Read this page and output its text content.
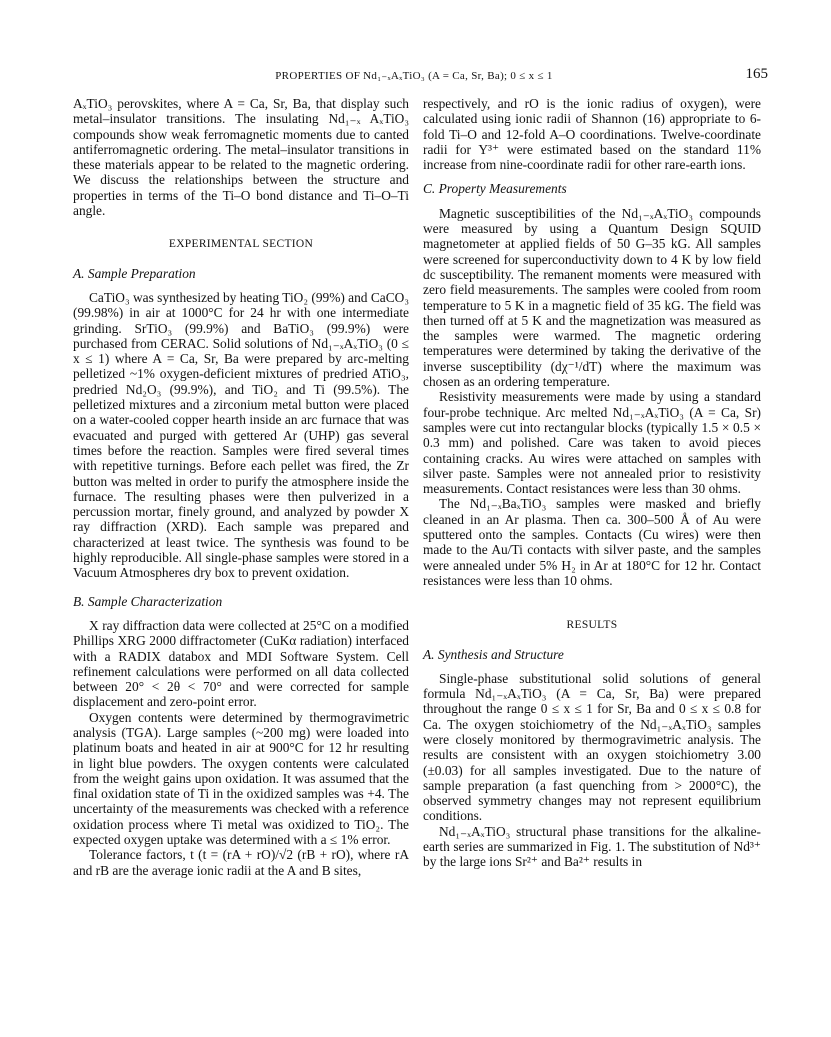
PROPERTIES OF Nd₁₋ₓAₓTiO₃ (A = Ca, Sr, Ba); 0 ≤ x ≤ 1	165

AₓTiO₃ perovskites, where A = Ca, Sr, Ba, that display such metal–insulator transitions. The insulating Nd₁₋ₓ AₓTiO₃ compounds show weak ferromagnetic moments due to canted antiferromagnetic ordering. The metal–insulator transitions in these materials appear to be related to the magnetic ordering. We discuss the relationships between the structure and properties in terms of the Ti–O bond distance and Ti–O–Ti angle.

EXPERIMENTAL SECTION

A. Sample Preparation

CaTiO₃ was synthesized by heating TiO₂ (99%) and CaCO₃ (99.98%) in air at 1000°C for 24 hr with one intermediate grinding. SrTiO₃ (99.9%) and BaTiO₃ (99.9%) were purchased from CERAC. Solid solutions of Nd₁₋ₓAₓTiO₃ (0 ≤ x ≤ 1) where A = Ca, Sr, Ba were prepared by arc-melting pelletized ~1% oxygen-deficient mixtures of predried ATiO₃, predried Nd₂O₃ (99.9%), and TiO₂ and Ti (99.5%). The pelletized mixtures and a zirconium metal button were placed on a water-cooled copper hearth inside an arc furnace that was evacuated and purged with gettered Ar (UHP) gas several times before the reaction. Samples were fired several times with repetitive turnings. Before each pellet was fired, the Zr button was melted in order to purify the atmosphere inside the furnace. The resulting phases were then pulverized in a percussion mortar, finely ground, and analyzed by powder X ray diffraction (XRD). Each sample was prepared and characterized at least twice. The synthesis was found to be highly reproducible. All single-phase samples were stored in a Vacuum Atmospheres dry box to prevent oxidation.

B. Sample Characterization

X ray diffraction data were collected at 25°C on a modified Phillips XRG 2000 diffractometer (CuKα radiation) interfaced with a RADIX databox and MDI Software System. Cell refinement calculations were performed on all data collected between 20° < 2θ < 70° and were corrected for sample displacement and zero-point error.

Oxygen contents were determined by thermogravimetric analysis (TGA). Large samples (~200 mg) were loaded into platinum boats and heated in air at 900°C for 12 hr resulting in light blue powders. The oxygen contents were calculated from the weight gains upon oxidation. It was assumed that the final oxidation state of Ti in the oxidized samples was +4. The uncertainty of the measurements was checked with a reference oxidation process where Ti metal was oxidized to TiO₂. The expected oxygen uptake was determined with a ≤ 1% error.

Tolerance factors, t (t = (rA + rO)/√2 (rB + rO), where rA and rB are the average ionic radii at the A and B sites,

respectively, and rO is the ionic radius of oxygen), were calculated using ionic radii of Shannon (16) appropriate to 6-fold Ti–O and 12-fold A–O coordinations. Twelve-coordinate radii for Y³⁺ were estimated based on the standard 11% increase from nine-coordinate radii for other rare-earth ions.

C. Property Measurements

Magnetic susceptibilities of the Nd₁₋ₓAₓTiO₃ compounds were measured by using a Quantum Design SQUID magnetometer at applied fields of 50 G–35 kG. All samples were screened for superconductivity down to 4 K by low field dc susceptibility. The remanent moments were measured with zero field measurements. The samples were cooled from room temperature to 5 K in a magnetic field of 35 kG. The field was then turned off at 5 K and the magnetization was measured as the samples were warmed. The magnetic ordering temperatures were determined by taking the derivative of the inverse susceptibility (dχ⁻¹/dT) where the maximum was chosen as an ordering temperature.

Resistivity measurements were made by using a standard four-probe technique. Arc melted Nd₁₋ₓAₓTiO₃ (A = Ca, Sr) samples were cut into rectangular blocks (typically 1.5 × 0.5 × 0.3 mm) and polished. Care was taken to avoid pieces containing cracks. Au wires were attached on samples with silver paste. Samples were not annealed prior to resistivity measurements. Contact resistances were less than 30 ohms.

The Nd₁₋ₓBaₓTiO₃ samples were masked and briefly cleaned in an Ar plasma. Then ca. 300–500 Å of Au were sputtered onto the samples. Contacts (Cu wires) were then made to the Au/Ti contacts with silver paste, and the samples were annealed under 5% H₂ in Ar at 180°C for 12 hr. Contact resistances were less than 10 ohms.

RESULTS

A. Synthesis and Structure

Single-phase substitutional solid solutions of general formula Nd₁₋ₓAₓTiO₃ (A = Ca, Sr, Ba) were prepared throughout the range 0 ≤ x ≤ 1 for Sr, Ba and 0 ≤ x ≤ 0.8 for Ca. The oxygen stoichiometry of the Nd₁₋ₓAₓTiO₃ samples were closely monitored by thermogravimetric analysis. The results are consistent with an oxygen stoichiometry 3.00 (±0.03) for all samples investigated. Due to the nature of sample preparation (a fast quenching from > 2000°C), the observed symmetry changes may not represent equilibrium conditions.

Nd₁₋ₓAₓTiO₃ structural phase transitions for the alkaline-earth series are summarized in Fig. 1. The substitution of Nd³⁺ by the large ions Sr²⁺ and Ba²⁺ results in
